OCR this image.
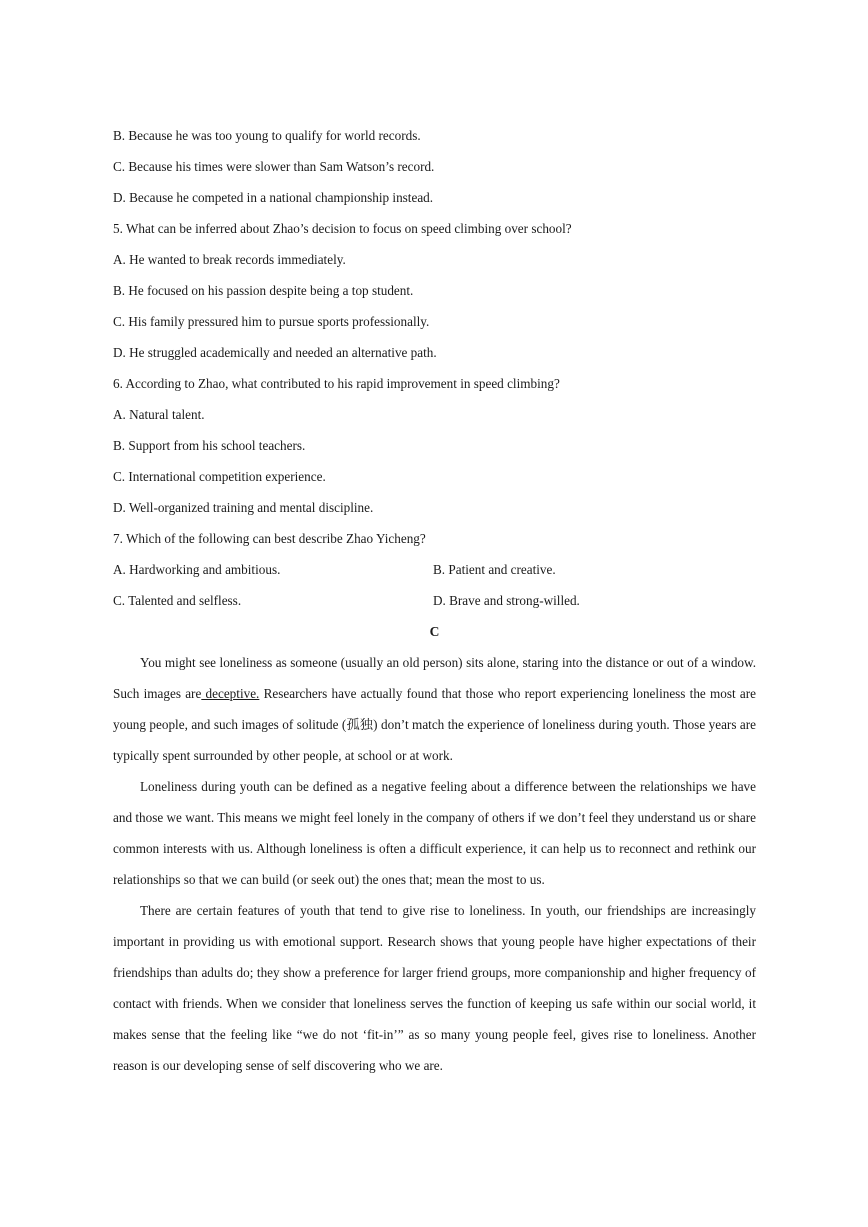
B. Because he was too young to qualify for world records.
C. Because his times were slower than Sam Watson’s record.
D. Because he competed in a national championship instead.
5. What can be inferred about Zhao’s decision to focus on speed climbing over school?
A. He wanted to break records immediately.
B. He focused on his passion despite being a top student.
C. His family pressured him to pursue sports professionally.
D. He struggled academically and needed an alternative path.
6. According to Zhao, what contributed to his rapid improvement in speed climbing?
A. Natural talent.
B. Support from his school teachers.
C. International competition experience.
D. Well-organized training and mental discipline.
7. Which of the following can best describe Zhao Yicheng?
A. Hardworking and ambitious.	B. Patient and creative.
C. Talented and selfless.	D. Brave and strong-willed.
C

You might see loneliness as someone (usually an old person) sits alone, staring into the distance or out of a window. Such images are deceptive. Researchers have actually found that those who report experiencing loneliness the most are young people, and such images of solitude (孤独) don’t match the experience of loneliness during youth. Those years are typically spent surrounded by other people, at school or at work.

Loneliness during youth can be defined as a negative feeling about a difference between the relationships we have and those we want. This means we might feel lonely in the company of others if we don’t feel they understand us or share common interests with us. Although loneliness is often a difficult experience, it can help us to reconnect and rethink our relationships so that we can build (or seek out) the ones that; mean the most to us.

There are certain features of youth that tend to give rise to loneliness. In youth, our friendships are increasingly important in providing us with emotional support. Research shows that young people have higher expectations of their friendships than adults do; they show a preference for larger friend groups, more companionship and higher frequency of contact with friends. When we consider that loneliness serves the function of keeping us safe within our social world, it makes sense that the feeling like “we do not ‘fit-in’” as so many young people feel, gives rise to loneliness. Another reason is our developing sense of self discovering who we are.
